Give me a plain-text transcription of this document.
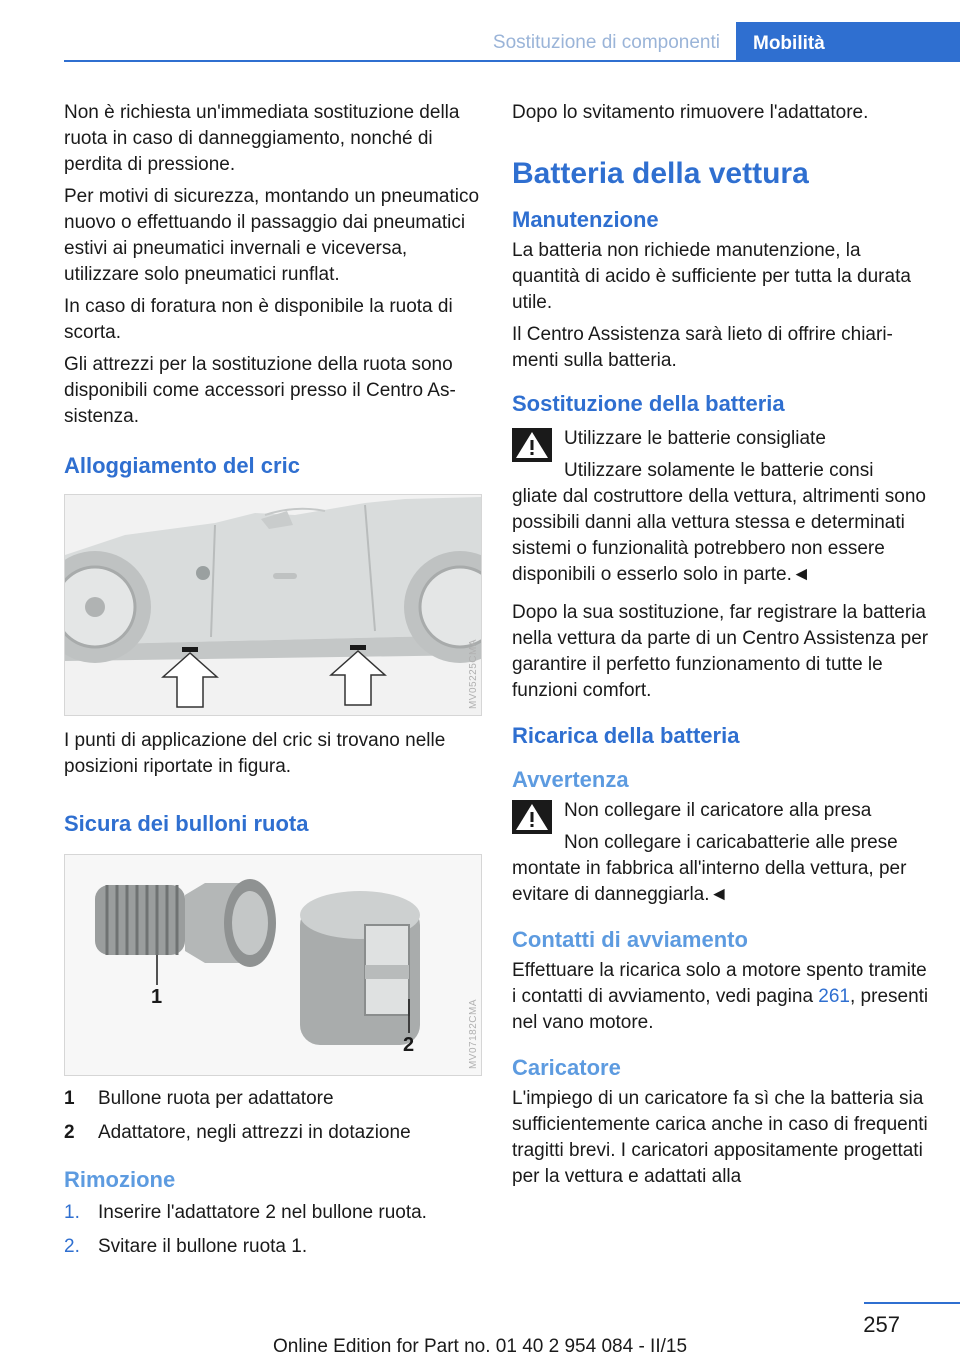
Sostituzione di componenti	Mobilità

Non è richiesta un'immediata sostituzione della ruota in caso di danneggiamento, nonché di perdita di pressione.

Per motivi di sicurezza, montando un pneumatico nuovo o effettuando il passaggio dai pneumatici estivi ai pneumatici invernali e viceversa, utilizzare solo pneumatici runflat.

In caso di foratura non è disponibile la ruota di scorta.

Gli attrezzi per la sostituzione della ruota sono disponibili come accessori presso il Centro Assistenza.

Alloggiamento del cric
MV05225CMA

I punti di applicazione del cric si trovano nelle posizioni riportate in figura.

Sicura dei bulloni ruota
1
2	MV07182CMA
1	Bullone ruota per adattatore
2	Adattatore, negli attrezzi in dotazione
Rimozione
1. Inserire l'adattatore 2 nel bullone ruota.
2. Svitare il bullone ruota 1.

Dopo lo svitamento rimuovere l'adattatore.

Batteria della vettura
Manutenzione

La batteria non richiede manutenzione, la quantità di acido è sufficiente per tutta la durata utile.

Il Centro Assistenza sarà lieto di offrire chiarimenti sulla batteria.

Sostituzione della batteria
Utilizzare le batterie consigliate
Utilizzare solamente le batterie consi
gliate dal costruttore della vettura, altrimenti sono possibili danni alla vettura stessa e determinati sistemi o funzionalità potrebbero non essere disponibili o esserlo solo in parte.◄

Dopo la sua sostituzione, far registrare la batteria nella vettura da parte di un Centro Assistenza per garantire il perfetto funzionamento di tutte le funzioni comfort.

Ricarica della batteria
Avvertenza
Non collegare il caricatore alla presa
Non collegare i caricabatterie alle prese
montate in fabbrica all'interno della vettura, per evitare di danneggiarla.◄
Contatti di avviamento

Effettuare la ricarica solo a motore spento tramite i contatti di avviamento, vedi pagina 261, presenti nel vano motore.

Caricatore

L'impiego di un caricatore fa sì che la batteria sia sufficientemente carica anche in caso di frequenti tragitti brevi. I caricatori appositamente progettati per la vettura e adattati alla

257
Online Edition for Part no. 01 40 2 954 084 - II/15
